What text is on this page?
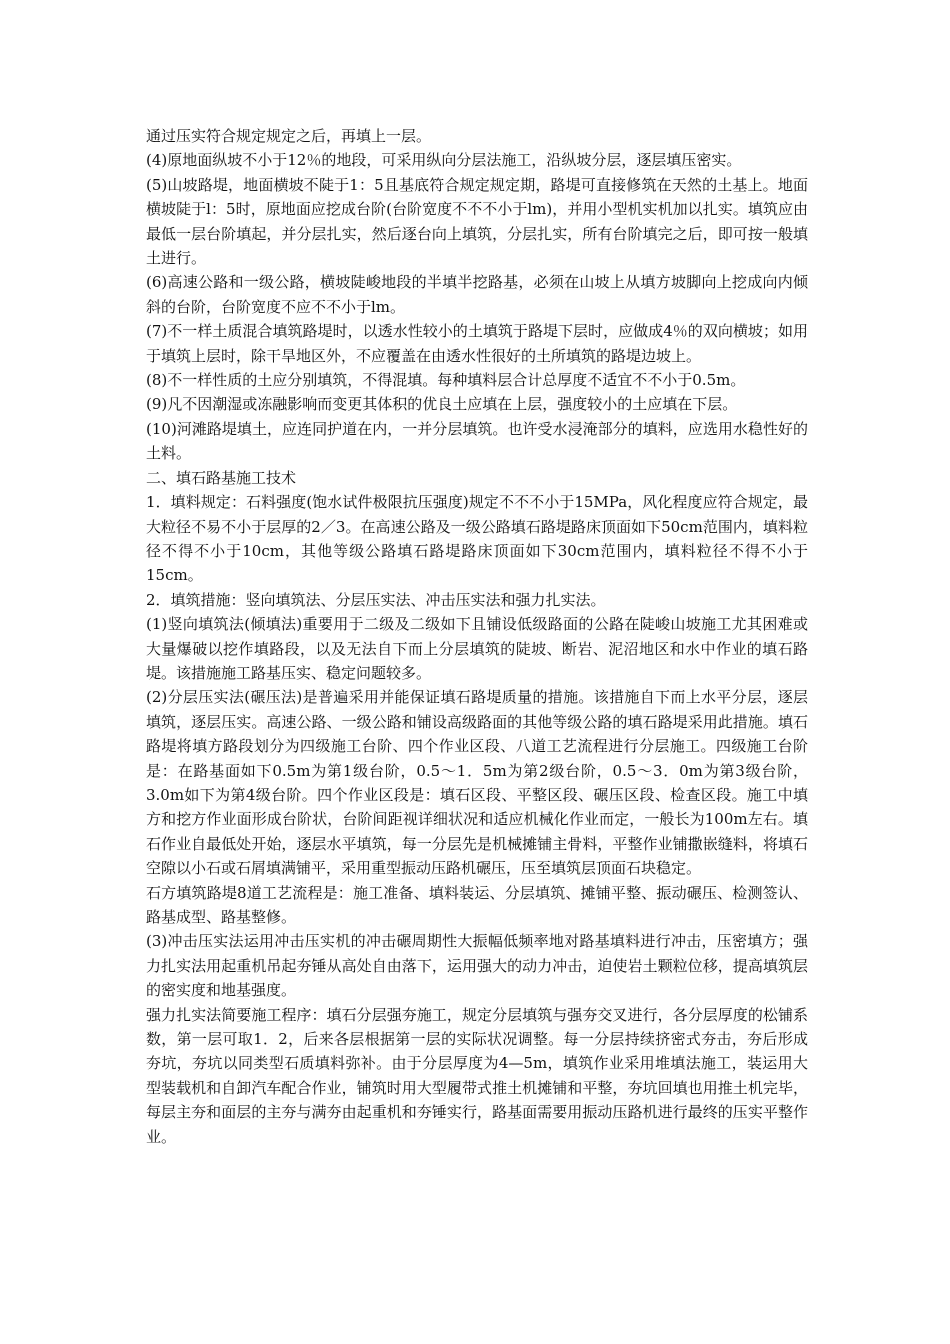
通过压实符合规定规定之后，再填上一层。

(4)原地面纵坡不小于12％的地段，可采用纵向分层法施工，沿纵坡分层，逐层填压密实。

(5)山坡路堤，地面横坡不陡于1：5且基底符合规定规定期，路堤可直接修筑在天然的土基上。地面横坡陡于l：5时，原地面应挖成台阶(台阶宽度不不不小于lm)，并用小型机实机加以扎实。填筑应由最低一层台阶填起，并分层扎实，然后逐台向上填筑，分层扎实，所有台阶填完之后，即可按一般填土进行。

(6)高速公路和一级公路，横坡陡峻地段的半填半挖路基，必须在山坡上从填方坡脚向上挖成向内倾斜的台阶，台阶宽度不应不不小于lm。

(7)不一样土质混合填筑路堤时，以透水性较小的土填筑于路堤下层时，应做成4％的双向横坡；如用于填筑上层时，除干旱地区外，不应覆盖在由透水性很好的土所填筑的路堤边坡上。

(8)不一样性质的土应分别填筑，不得混填。每种填料层合计总厚度不适宜不不小于0.5m。

(9)凡不因潮湿或冻融影响而变更其体积的优良土应填在上层，强度较小的土应填在下层。

(10)河滩路堤填土，应连同护道在内，一并分层填筑。也许受水浸淹部分的填料，应选用水稳性好的土料。

二、填石路基施工技术

1．填料规定：石料强度(饱水试件极限抗压强度)规定不不不小于15MPa，风化程度应符合规定，最大粒径不易不小于层厚的2／3。在高速公路及一级公路填石路堤路床顶面如下50cm范围内，填料粒径不得不小于10cm，其他等级公路填石路堤路床顶面如下30cm范围内，填料粒径不得不小于15cm。

2．填筑措施：竖向填筑法、分层压实法、冲击压实法和强力扎实法。

(1)竖向填筑法(倾填法)重要用于二级及二级如下且铺设低级路面的公路在陡峻山坡施工尤其困难或大量爆破以挖作填路段，以及无法自下而上分层填筑的陡坡、断岩、泥沼地区和水中作业的填石路堤。该措施施工路基压实、稳定问题较多。

(2)分层压实法(碾压法)是普遍采用并能保证填石路堤质量的措施。该措施自下而上水平分层，逐层填筑，逐层压实。高速公路、一级公路和铺设高级路面的其他等级公路的填石路堤采用此措施。填石路堤将填方路段划分为四级施工台阶、四个作业区段、八道工艺流程进行分层施工。四级施工台阶是：在路基面如下0.5m为第1级台阶，0.5～1．5m为第2级台阶，0.5～3．0m为第3级台阶，3.0m如下为第4级台阶。四个作业区段是：填石区段、平整区段、碾压区段、检查区段。施工中填方和挖方作业面形成台阶状，台阶间距视详细状况和适应机械化作业而定，一般长为100m左右。填石作业自最低处开始，逐层水平填筑，每一分层先是机械摊铺主骨料，平整作业铺撒嵌缝料，将填石空隙以小石或石屑填满铺平，采用重型振动压路机碾压，压至填筑层顶面石块稳定。

石方填筑路堤8道工艺流程是：施工准备、填料装运、分层填筑、摊铺平整、振动碾压、检测签认、路基成型、路基整修。

(3)冲击压实法运用冲击压实机的冲击碾周期性大振幅低频率地对路基填料进行冲击，压密填方；强力扎实法用起重机吊起夯锤从高处自由落下，运用强大的动力冲击，迫使岩土颗粒位移，提高填筑层的密实度和地基强度。

强力扎实法简要施工程序：填石分层强夯施工，规定分层填筑与强夯交叉进行，各分层厚度的松铺系数，第一层可取1．2，后来各层根据第一层的实际状况调整。每一分层持续挤密式夯击，夯后形成夯坑，夯坑以同类型石质填料弥补。由于分层厚度为4—5m，填筑作业采用堆填法施工，装运用大型装载机和自卸汽车配合作业，铺筑时用大型履带式推土机摊铺和平整，夯坑回填也用推土机完毕，每层主夯和面层的主夯与满夯由起重机和夯锤实行，路基面需要用振动压路机进行最终的压实平整作业。
